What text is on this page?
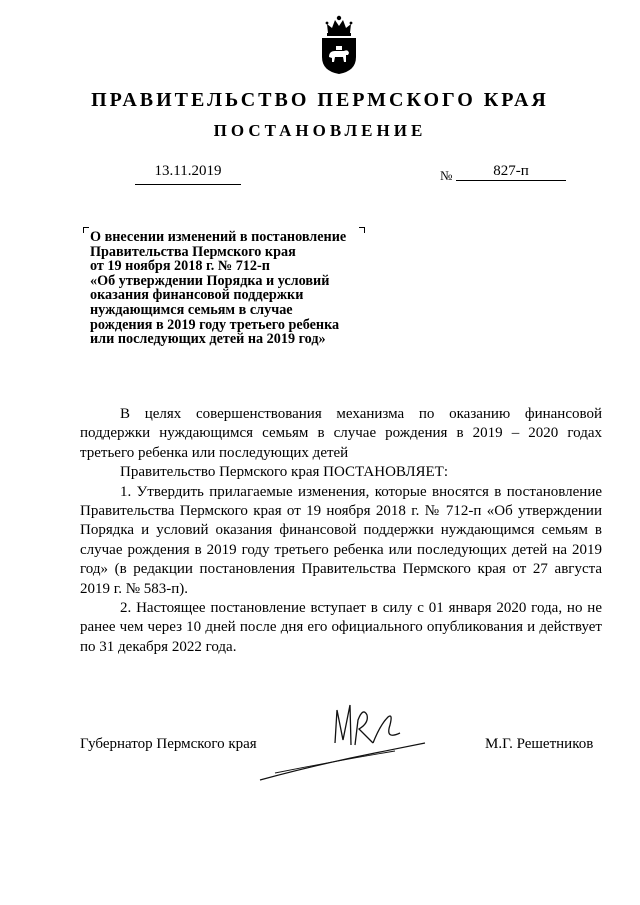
ПРАВИТЕЛЬСТВО ПЕРМСКОГО КРАЯ
ПОСТАНОВЛЕНИЕ
13.11.2019	№	827-п
О внесении изменений в постановление
Правительства Пермского края
от 19 ноября 2018 г. № 712-п
«Об утверждении Порядка и условий
оказания финансовой поддержки
нуждающимся семьям в случае
рождения в 2019 году третьего ребенка
или последующих детей на 2019 год»

В целях совершенствования механизма по оказанию финансовой поддержки нуждающимся семьям в случае рождения в 2019 – 2020 годах третьего ребенка или последующих детей

Правительство Пермского края ПОСТАНОВЛЯЕТ:

1. Утвердить прилагаемые изменения, которые вносятся в постановление Правительства Пермского края от 19 ноября 2018 г. № 712-п «Об утверждении Порядка и условий оказания финансовой поддержки нуждающимся семьям в случае рождения в 2019 году третьего ребенка или последующих детей на 2019 год» (в редакции постановления Правительства Пермского края от 27 августа 2019 г. № 583-п).

2. Настоящее постановление вступает в силу с 01 января 2020 года, но не ранее чем через 10 дней после дня его официального опубликования и действует по 31 декабря 2022 года.

Губернатор Пермского края	М.Г. Решетников
